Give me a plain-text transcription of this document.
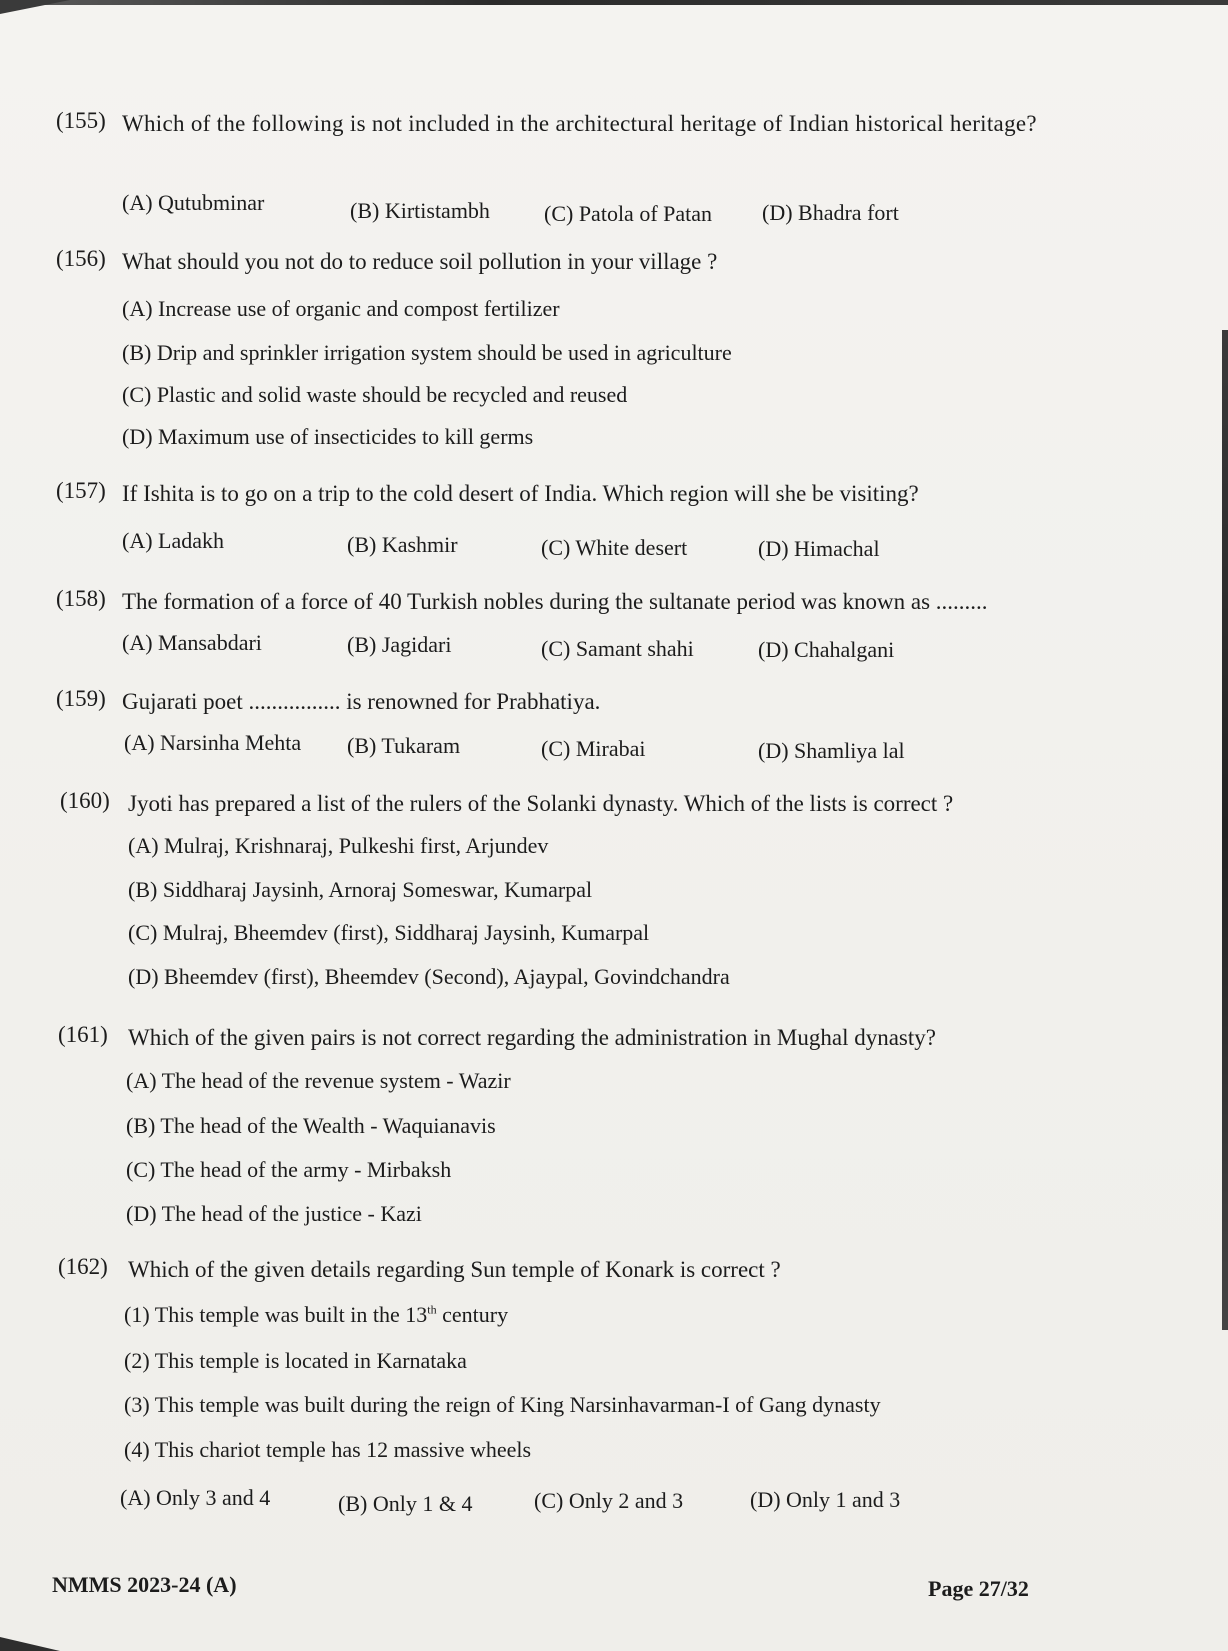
(155) Which of the following is not included in the architectural heritage of Indian historical heritage?
(A) Qutubminar	(B) Kirtistambh (C) Patola of Patan (D) Bhadra fort
(156) What should you not do to reduce soil pollution in your village ?
(A) Increase use of organic and compost fertilizer
(B) Drip and sprinkler irrigation system should be used in agriculture
(C) Plastic and solid waste should be recycled and reused
(D) Maximum use of insecticides to kill germs
(157) If Ishita is to go on a trip to the cold desert of India. Which region will she be visiting?
(A) Ladakh	(B) Kashmir	(C) White desert	(D) Himachal
(158) The formation of a force of 40 Turkish nobles during the sultanate period was known as .........
(A) Mansabdari	(B) Jagidari	(C) Samant shahi	(D) Chahalgani
(159) Gujarati poet ................ is renowned for Prabhatiya.
(A) Narsinha Mehta (B) Tukaram	(C) Mirabai	(D) Shamliya lal
(160) Jyoti has prepared a list of the rulers of the Solanki dynasty. Which of the lists is correct ?
(A) Mulraj, Krishnaraj, Pulkeshi first, Arjundev
(B) Siddharaj Jaysinh, Arnoraj Someswar, Kumarpal
(C) Mulraj, Bheemdev (first), Siddharaj Jaysinh, Kumarpal
(D) Bheemdev (first), Bheemdev (Second), Ajaypal, Govindchandra
(161) Which of the given pairs is not correct regarding the administration in Mughal dynasty?
(A) The head of the revenue system - Wazir
(B) The head of the Wealth - Waquianavis
(C) The head of the army - Mirbaksh
(D) The head of the justice - Kazi
(162) Which of the given details regarding Sun temple of Konark is correct ?
(1) This temple was built in the 13th century
(2) This temple is located in Karnataka
(3) This temple was built during the reign of King Narsinhavarman-I of Gang dynasty
(4) This chariot temple has 12 massive wheels
(A) Only 3 and 4	(B) Only 1 & 4	(C) Only 2 and 3	(D) Only 1 and 3
NMMS 2023-24 (A)	Page 27/32
